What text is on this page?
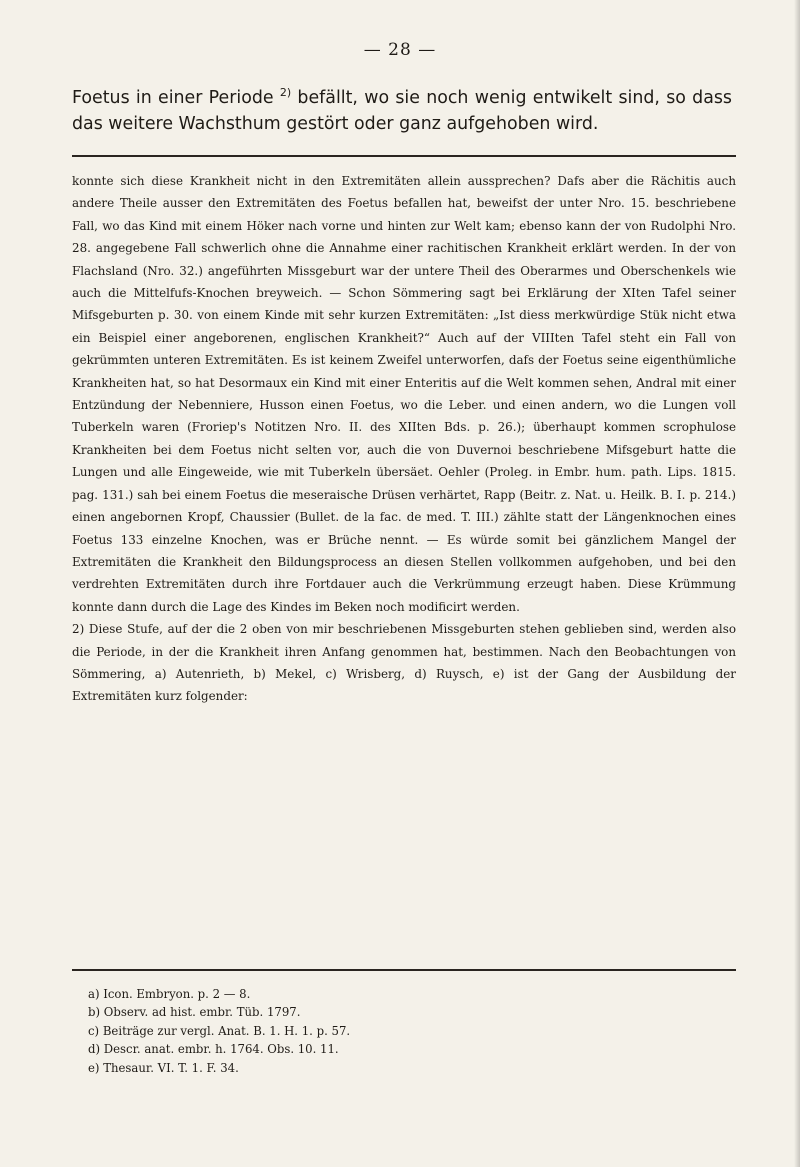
— 28 —
Foetus in einer Periode $^{2)}$ befällt, wo sie noch wenig entwikelt sind, so dass das weitere Wachsthum gestört oder ganz aufgehoben wird.

konnte sich diese Krankheit nicht in den Extremitäten allein aussprechen? Dafs aber die Rächitis auch andere Theile ausser den Extremitäten des Foetus befallen hat, beweifst der unter Nro. 15. beschriebene Fall, wo das Kind mit einem Höker nach vorne und hinten zur Welt kam; ebenso kann der von Rudolphi Nro. 28. angegebene Fall schwerlich ohne die Annahme einer rachitischen Krankheit erklärt werden. In der von Flachsland (Nro. 32.) angeführten Missgeburt war der untere Theil des Oberarmes und Oberschenkels wie auch die Mittelfufs-Knochen breyweich. — Schon Sömmering sagt bei Erklärung der XIten Tafel seiner Mifsgeburten p. 30. von einem Kinde mit sehr kurzen Extremitäten: „Ist diess merkwürdige Stük nicht etwa ein Beispiel einer angeborenen, englischen Krankheit?“ Auch auf der VIIIten Tafel steht ein Fall von gekrümmten unteren Extremitäten. Es ist keinem Zweifel unterworfen, dafs der Foetus seine eigenthümliche Krankheiten hat, so hat Desormaux ein Kind mit einer Enteritis auf die Welt kommen sehen, Andral mit einer Entzündung der Nebenniere, Husson einen Foetus, wo die Leber. und einen andern, wo die Lungen voll Tuberkeln waren (Froriep's Notitzen Nro. II. des XIIten Bds. p. 26.); überhaupt kommen scrophulose Krankheiten bei dem Foetus nicht selten vor, auch die von Duvernoi beschriebene Mifsgeburt hatte die Lungen und alle Eingeweide, wie mit Tuberkeln übersäet. Oehler (Proleg. in Embr. hum. path. Lips. 1815. pag. 131.) sah bei einem Foetus die meseraische Drüsen verhärtet, Rapp (Beitr. z. Nat. u. Heilk. B. I. p. 214.) einen angebornen Kropf, Chaussier (Bullet. de la fac. de med. T. III.) zählte statt der Längenknochen eines Foetus 133 einzelne Knochen, was er Brüche nennt. — Es würde somit bei gänzlichem Mangel der Extremitäten die Krankheit den Bildungsprocess an diesen Stellen vollkommen aufgehoben, und bei den verdrehten Extremitäten durch ihre Fortdauer auch die Verkrümmung erzeugt haben. Diese Krümmung konnte dann durch die Lage des Kindes im Beken noch modificirt werden.

2) Diese Stufe, auf der die 2 oben von mir beschriebenen Missgeburten stehen geblieben sind, werden also die Periode, in der die Krankheit ihren Anfang genommen hat, bestimmen. Nach den Beobachtungen von Sömmering, a) Autenrieth, b) Mekel, c) Wrisberg, d) Ruysch, e) ist der Gang der Ausbildung der Extremitäten kurz folgender:

a) Icon. Embryon. p. 2 — 8.
b) Observ. ad hist. embr. Tüb. 1797.
c) Beiträge zur vergl. Anat. B. 1. H. 1. p. 57.
d) Descr. anat. embr. h. 1764. Obs. 10. 11.
e) Thesaur. VI. T. 1. F. 34.
